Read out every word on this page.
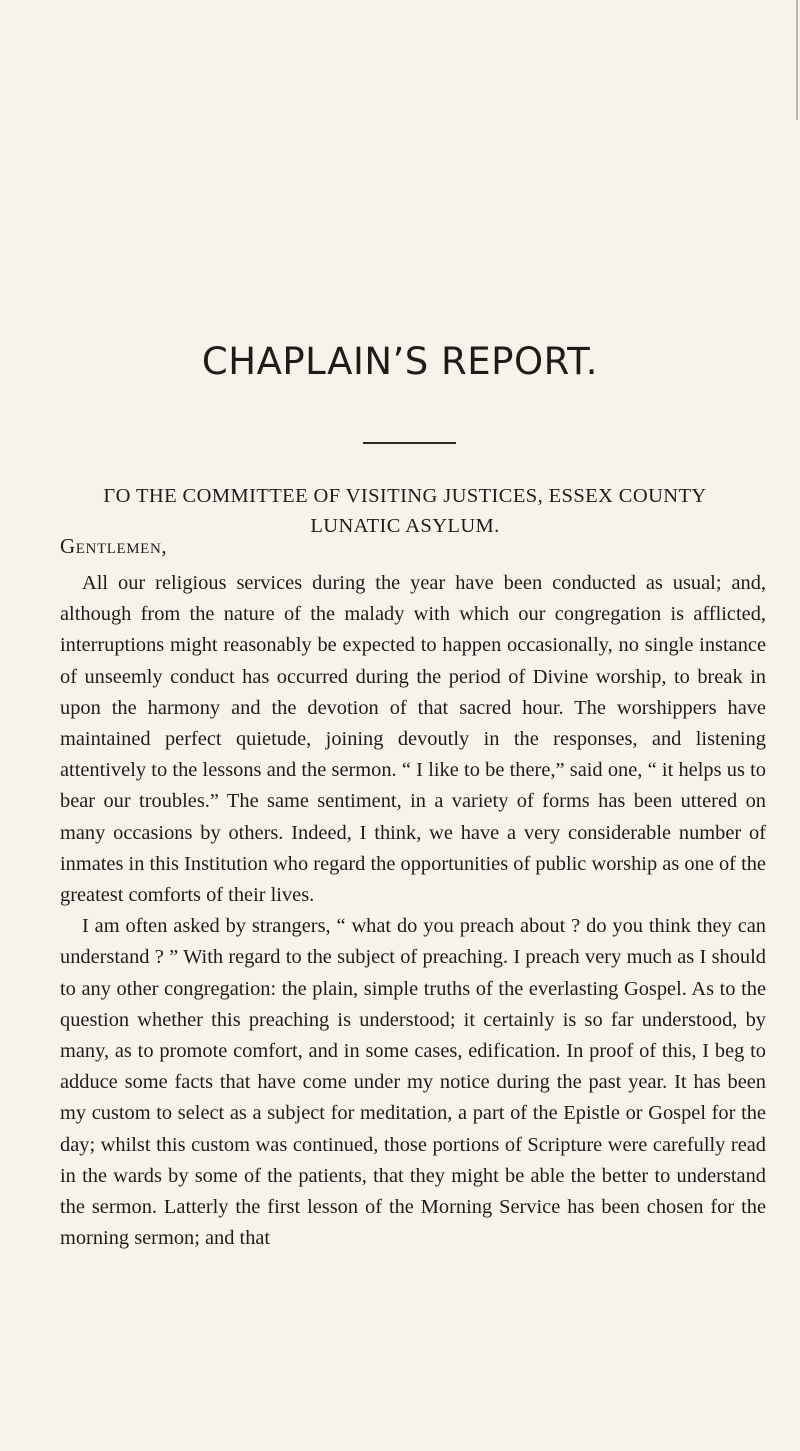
CHAPLAIN’S REPORT.

ΓO THE COMMITTEE OF VISITING JUSTICES, ESSEX COUNTY LUNATIC ASYLUM.

Gentlemen,

All our religious services during the year have been conducted as usual; and, although from the nature of the malady with which our congregation is afflicted, interruptions might reasonably be expected to happen occasionally, no single instance of unseemly conduct has occurred during the period of Divine worship, to break in upon the harmony and the devotion of that sacred hour. The worshippers have maintained perfect quietude, joining devoutly in the responses, and listening attentively to the lessons and the sermon. “ I like to be there,” said one, “ it helps us to bear our troubles.” The same sentiment, in a variety of forms has been uttered on many occasions by others. Indeed, I think, we have a very considerable number of inmates in this Institution who regard the opportunities of public worship as one of the greatest comforts of their lives.

I am often asked by strangers, “ what do you preach about ? do you think they can understand ? ” With regard to the subject of preaching. I preach very much as I should to any other congregation: the plain, simple truths of the everlasting Gospel. As to the question whether this preaching is understood; it certainly is so far understood, by many, as to promote comfort, and in some cases, edification. In proof of this, I beg to adduce some facts that have come under my notice during the past year. It has been my custom to select as a subject for meditation, a part of the Epistle or Gospel for the day; whilst this custom was continued, those portions of Scripture were carefully read in the wards by some of the patients, that they might be able the better to understand the sermon. Latterly the first lesson of the Morning Service has been chosen for the morning sermon; and that
